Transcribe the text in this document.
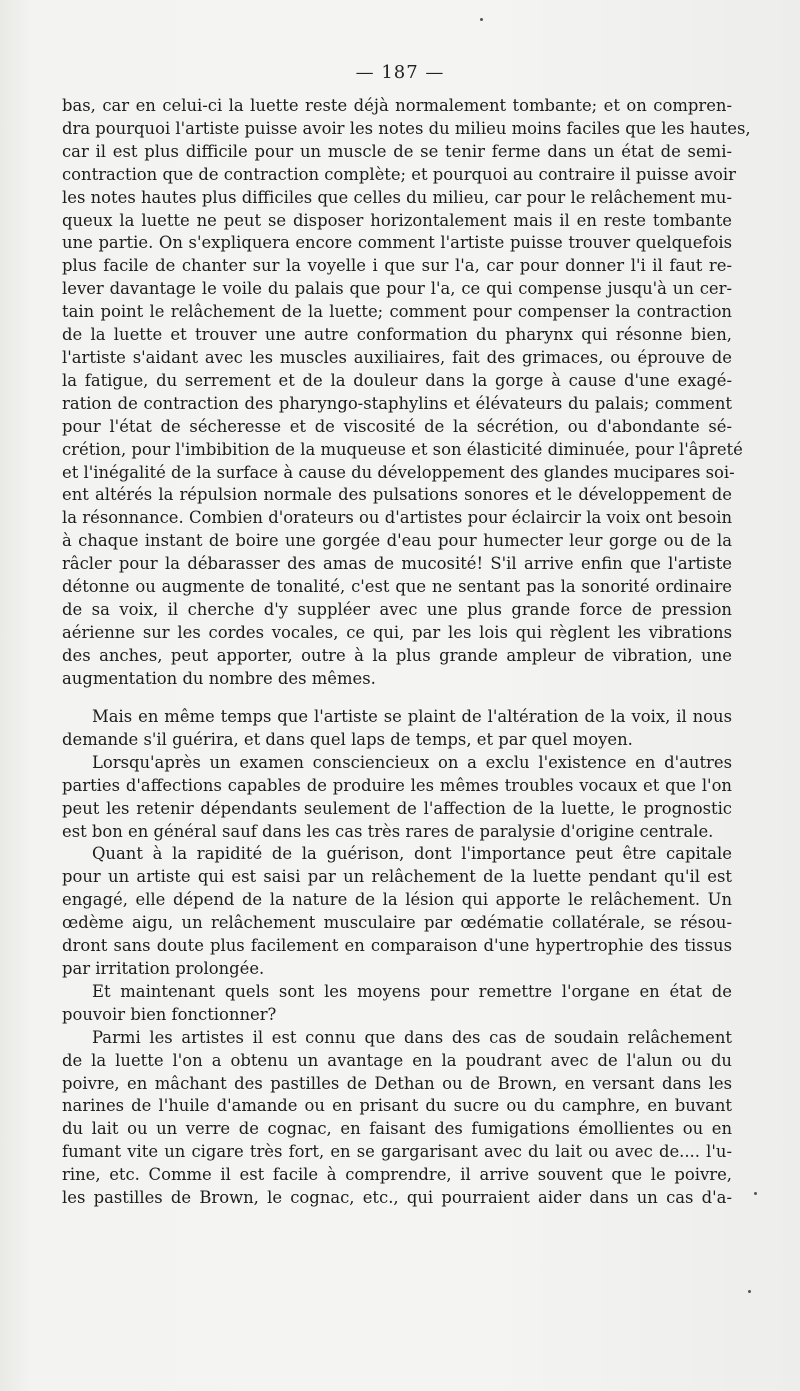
— 187 —
bas, car en celui-ci la luette reste déjà normalement tombante; et on compren-
dra pourquoi l'artiste puisse avoir les notes du milieu moins faciles que les hautes,
car il est plus difficile pour un muscle de se tenir ferme dans un état de semi-
contraction que de contraction complète; et pourquoi au contraire il puisse avoir
les notes hautes plus difficiles que celles du milieu, car pour le relâchement mu-
queux la luette ne peut se disposer horizontalement mais il en reste tombante
une partie. On s'expliquera encore comment l'artiste puisse trouver quelquefois
plus facile de chanter sur la voyelle i que sur l'a, car pour donner l'i il faut re-
lever davantage le voile du palais que pour l'a, ce qui compense jusqu'à un cer-
tain point le relâchement de la luette; comment pour compenser la contraction
de la luette et trouver une autre conformation du pharynx qui résonne bien,
l'artiste s'aidant avec les muscles auxiliaires, fait des grimaces, ou éprouve de
la fatigue, du serrement et de la douleur dans la gorge à cause d'une exagé-
ration de contraction des pharyngo-staphylins et élévateurs du palais; comment
pour l'état de sécheresse et de viscosité de la sécrétion, ou d'abondante sé-
crétion, pour l'imbibition de la muqueuse et son élasticité diminuée, pour l'âpreté
et l'inégalité de la surface à cause du développement des glandes mucipares soi-
ent altérés la répulsion normale des pulsations sonores et le développement de
la résonnance. Combien d'orateurs ou d'artistes pour éclaircir la voix ont besoin
à chaque instant de boire une gorgée d'eau pour humecter leur gorge ou de la
râcler pour la débarasser des amas de mucosité! S'il arrive enfin que l'artiste
détonne ou augmente de tonalité, c'est que ne sentant pas la sonorité ordinaire
de sa voix, il cherche d'y suppléer avec une plus grande force de pression
aérienne sur les cordes vocales, ce qui, par les lois qui règlent les vibrations
des anches, peut apporter, outre à la plus grande ampleur de vibration, une
augmentation du nombre des mêmes.
Mais en même temps que l'artiste se plaint de l'altération de la voix, il nous
demande s'il guérira, et dans quel laps de temps, et par quel moyen.
Lorsqu'après un examen consciencieux on a exclu l'existence en d'autres
parties d'affections capables de produire les mêmes troubles vocaux et que l'on
peut les retenir dépendants seulement de l'affection de la luette, le prognostic
est bon en général sauf dans les cas très rares de paralysie d'origine centrale.
Quant à la rapidité de la guérison, dont l'importance peut être capitale
pour un artiste qui est saisi par un relâchement de la luette pendant qu'il est
engagé, elle dépend de la nature de la lésion qui apporte le relâchement. Un
œdème aigu, un relâchement musculaire par œdématie collatérale, se résou-
dront sans doute plus facilement en comparaison d'une hypertrophie des tissus
par irritation prolongée.
Et maintenant quels sont les moyens pour remettre l'organe en état de
pouvoir bien fonctionner?
Parmi les artistes il est connu que dans des cas de soudain relâchement
de la luette l'on a obtenu un avantage en la poudrant avec de l'alun ou du
poivre, en mâchant des pastilles de Dethan ou de Brown, en versant dans les
narines de l'huile d'amande ou en prisant du sucre ou du camphre, en buvant
du lait ou un verre de cognac, en faisant des fumigations émollientes ou en
fumant vite un cigare très fort, en se gargarisant avec du lait ou avec de.... l'u-
rine, etc. Comme il est facile à comprendre, il arrive souvent que le poivre,
les pastilles de Brown, le cognac, etc., qui pourraient aider dans un cas d'a-
